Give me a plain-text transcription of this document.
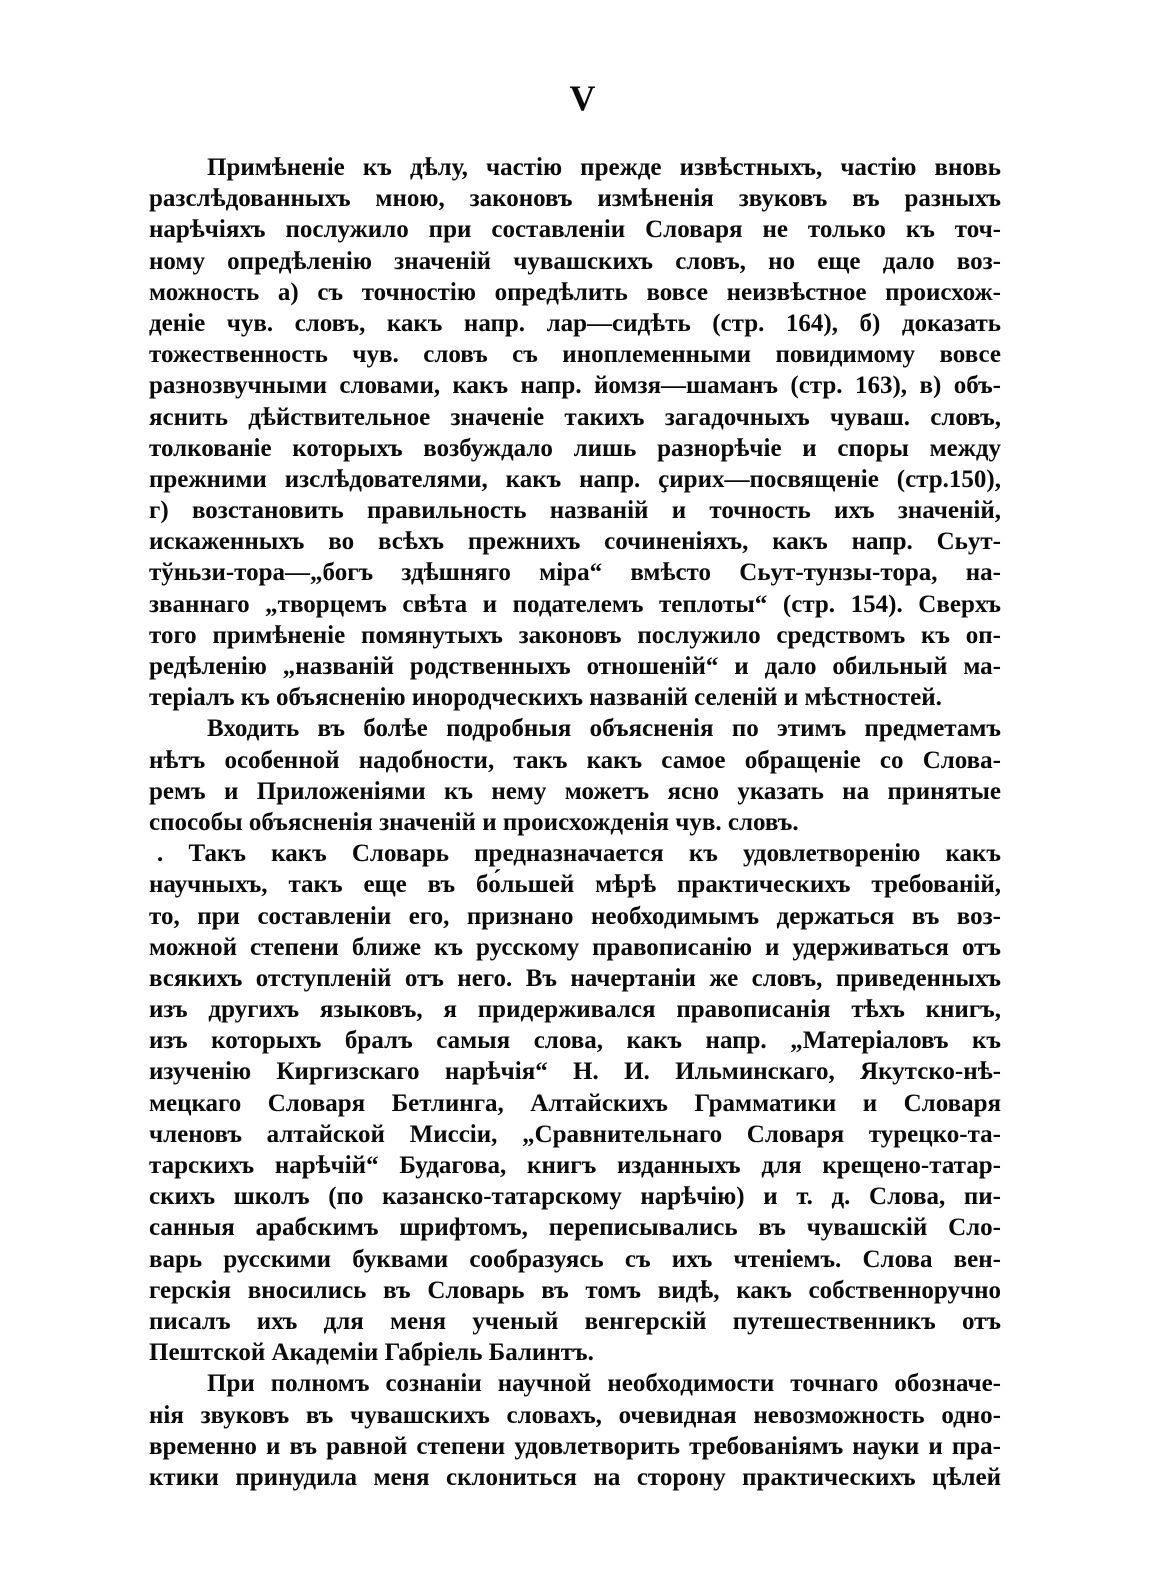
V
Примѣненіе къ дѣлу, частію прежде извѣстныхъ, частію вновь
разслѣдованныхъ мною, законовъ измѣненія звуковъ въ разныхъ
нарѣчіяхъ послужило при составленіи Словаря не только къ точ-
ному опредѣленію значеній чувашскихъ словъ, но еще дало воз-
можность а) съ точностію опредѣлить вовсе неизвѣстное происхож-
деніе чув. словъ, какъ напр. лар—сидѣть (стр. 164), б) доказать
тожественность чув. словъ съ иноплеменными повидимому вовсе
разнозвучными словами, какъ напр. йомзя—шаманъ (стр. 163), в) объ-
яснить дѣйствительное значеніе такихъ загадочныхъ чуваш. словъ,
толкованіе которыхъ возбуждало лишь разнорѣчіе и споры между
прежними изслѣдователями, какъ напр. ҫирих—посвященіе (стр.150),
г) возстановить правильность названій и точность ихъ значеній,
искаженныхъ во всѣхъ прежнихъ сочиненіяхъ, какъ напр. Сьут-
тўньзи-тора—„богъ здѣшняго міра“ вмѣсто Сьут-тунзы-тора, на-
званнаго „творцемъ свѣта и подателемъ теплоты“ (стр. 154). Сверхъ
того примѣненіе помянутыхъ законовъ послужило средствомъ къ оп-
редѣленію „названій родственныхъ отношеній“ и дало обильный ма-
теріалъ къ объясненію инородческихъ названій селеній и мѣстностей.
Входить въ болѣе подробныя объясненія по этимъ предметамъ
нѣтъ особенной надобности, такъ какъ самое обращеніе со Слова-
ремъ и Приложеніями къ нему можетъ ясно указать на принятые
способы объясненія значеній и происхожденія чув. словъ.
. Такъ какъ Словарь предназначается къ удовлетворенію какъ
научныхъ, такъ еще въ бо́льшей мѣрѣ практическихъ требованій,
то, при составленіи его, признано необходимымъ держаться въ воз-
можной степени ближе къ русскому правописанію и удерживаться отъ
всякихъ отступленій отъ него. Въ начертаніи же словъ, приведенныхъ
изъ другихъ языковъ, я придерживался правописанія тѣхъ книгъ,
изъ которыхъ бралъ самыя слова, какъ напр. „Матеріаловъ къ
изученію Киргизскаго нарѣчія“ Н. И. Ильминскаго, Якутско-нѣ-
мецкаго Словаря Бетлинга, Алтайскихъ Грамматики и Словаря
членовъ алтайской Миссіи, „Сравнительнаго Словаря турецко-та-
тарскихъ нарѣчій“ Будагова, книгъ изданныхъ для крещено-татар-
скихъ школъ (по казанско-татарскому нарѣчію) и т. д. Слова, пи-
санныя арабскимъ шрифтомъ, переписывались въ чувашскій Сло-
варь русскими буквами сообразуясь съ ихъ чтеніемъ. Слова вен-
герскія вносились въ Словарь въ томъ видѣ, какъ собственноручно
писалъ ихъ для меня ученый венгерскій путешественникъ отъ
Пештской Академіи Габріель Балинтъ.
При полномъ сознаніи научной необходимости точнаго обозначе-
нія звуковъ въ чувашскихъ словахъ, очевидная невозможность одно-
временно и въ равной степени удовлетворить требованіямъ науки и пра-
ктики принудила меня склониться на сторону практическихъ цѣлей
